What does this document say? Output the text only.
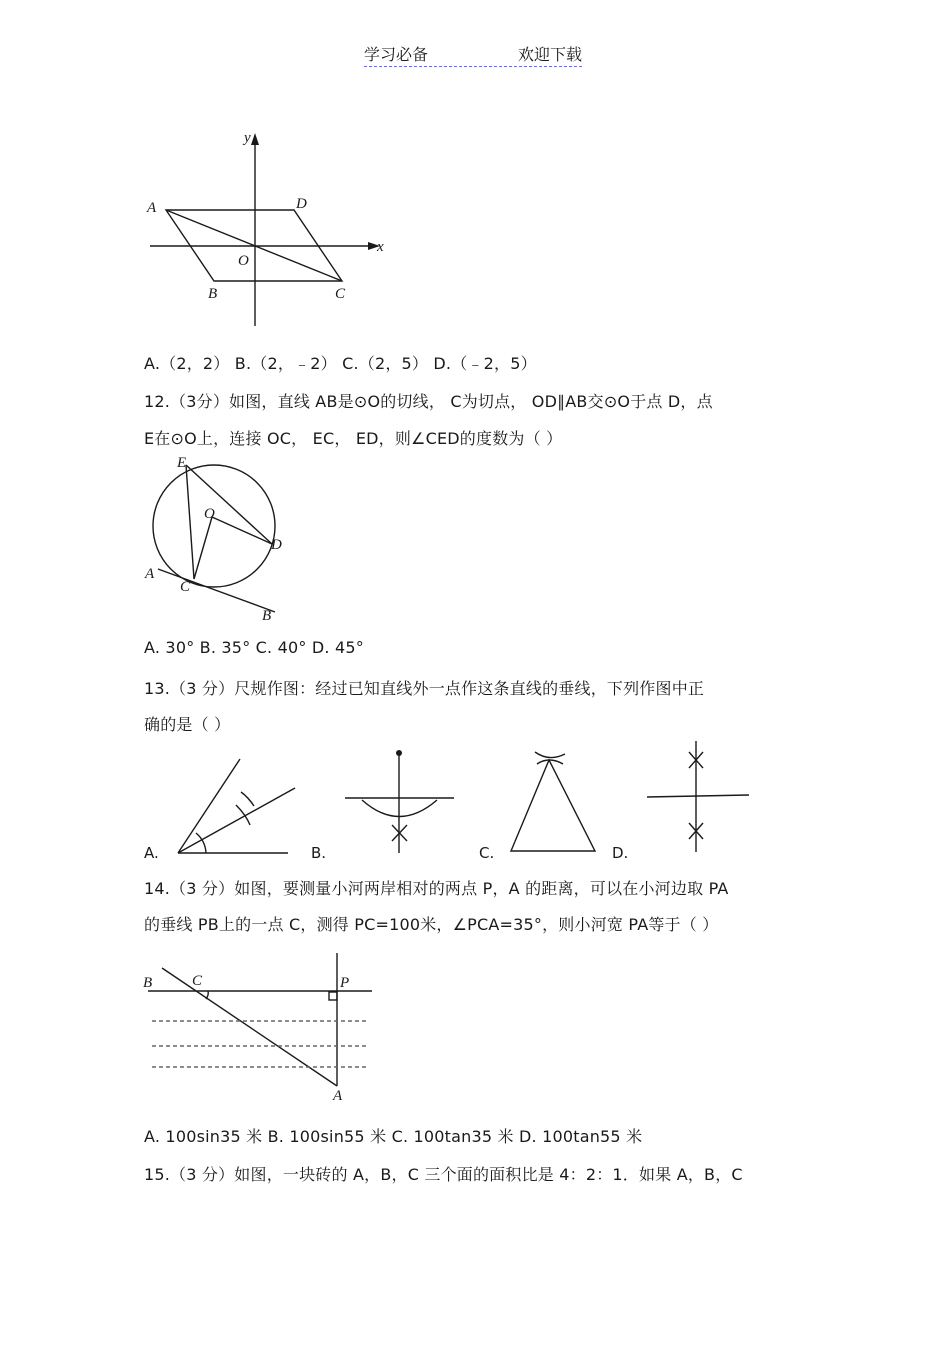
学习必备	欢迎下载
y
x
A	D
O
B	C
A.（2，2） B.（2，﹣2） C.（2，5） D.（﹣2，5）
12.（3分）如图，直线 AB是⊙O的切线， C为切点， OD∥AB交⊙O于点 D，点
E在⊙O上，连接 OC， EC， ED，则∠CED的度数为（ ）
E
O
D
A
C
B
A. 30° B. 35° C. 40° D. 45°
13.（3 分）尺规作图：经过已知直线外一点作这条直线的垂线，下列作图中正
确的是（ ）
A.	B.	C.	D.
14.（3 分）如图，要测量小河两岸相对的两点 P，A 的距离，可以在小河边取 PA
的垂线 PB上的一点 C，测得 PC=100米，∠PCA=35°，则小河宽 PA等于（ ）
B	C	P
A
A. 100sin35 米 B. 100sin55 米 C. 100tan35 米 D. 100tan55 米
15.（3 分）如图，一块砖的 A，B，C 三个面的面积比是 4：2：1．如果 A，B，C
